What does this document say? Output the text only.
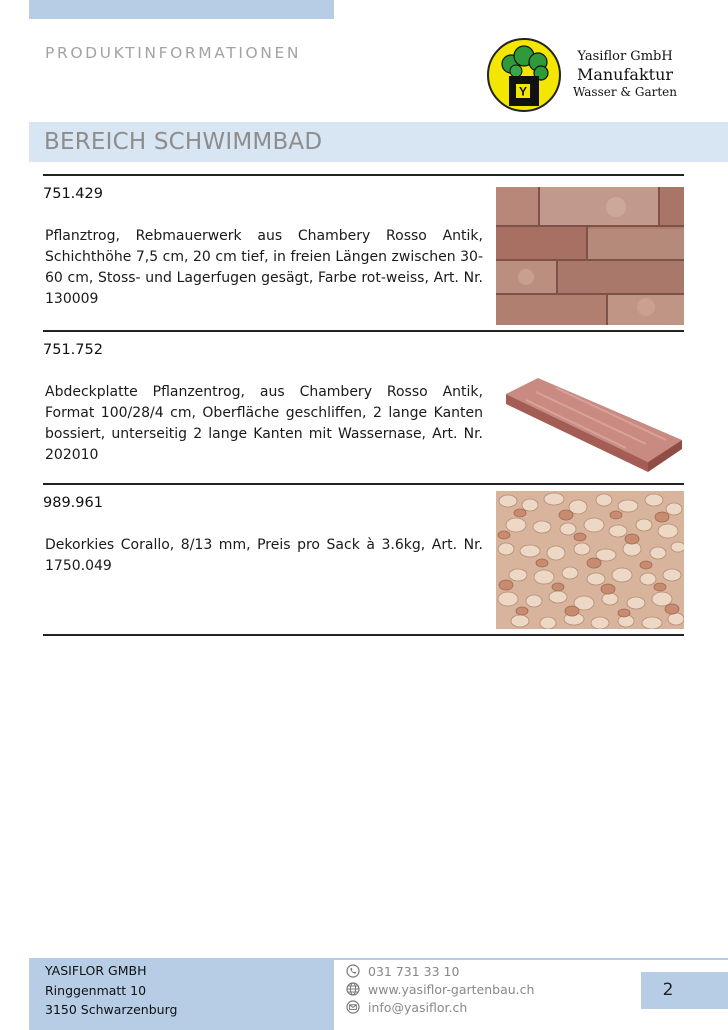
PRODUKTINFORMATIONEN
Y
Yasiflor GmbH
Manufaktur
Wasser & Garten
BEREICH SCHWIMMBAD
751.429
Pflanztrog, Rebmauerwerk aus Chambery Rosso Antik, Schichthöhe 7,5 cm, 20 cm tief, in freien Längen zwischen 30-60 cm, Stoss- und Lagerfugen gesägt, Farbe rot-weiss, Art. Nr. 130009
751.752
Abdeckplatte Pflanzentrog, aus Chambery Rosso Antik, Format 100/28/4 cm, Oberfläche geschliffen, 2 lange Kanten bossiert, unterseitig 2 lange Kanten mit Wassernase, Art. Nr. 202010
989.961
Dekorkies Corallo, 8/13 mm, Preis pro Sack à 3.6kg, Art. Nr. 1750.049
YASIFLOR GMBH
Ringgenmatt 10
3150 Schwarzenburg
031 731 33 10
www.yasiflor-gartenbau.ch
info@yasiflor.ch
2
